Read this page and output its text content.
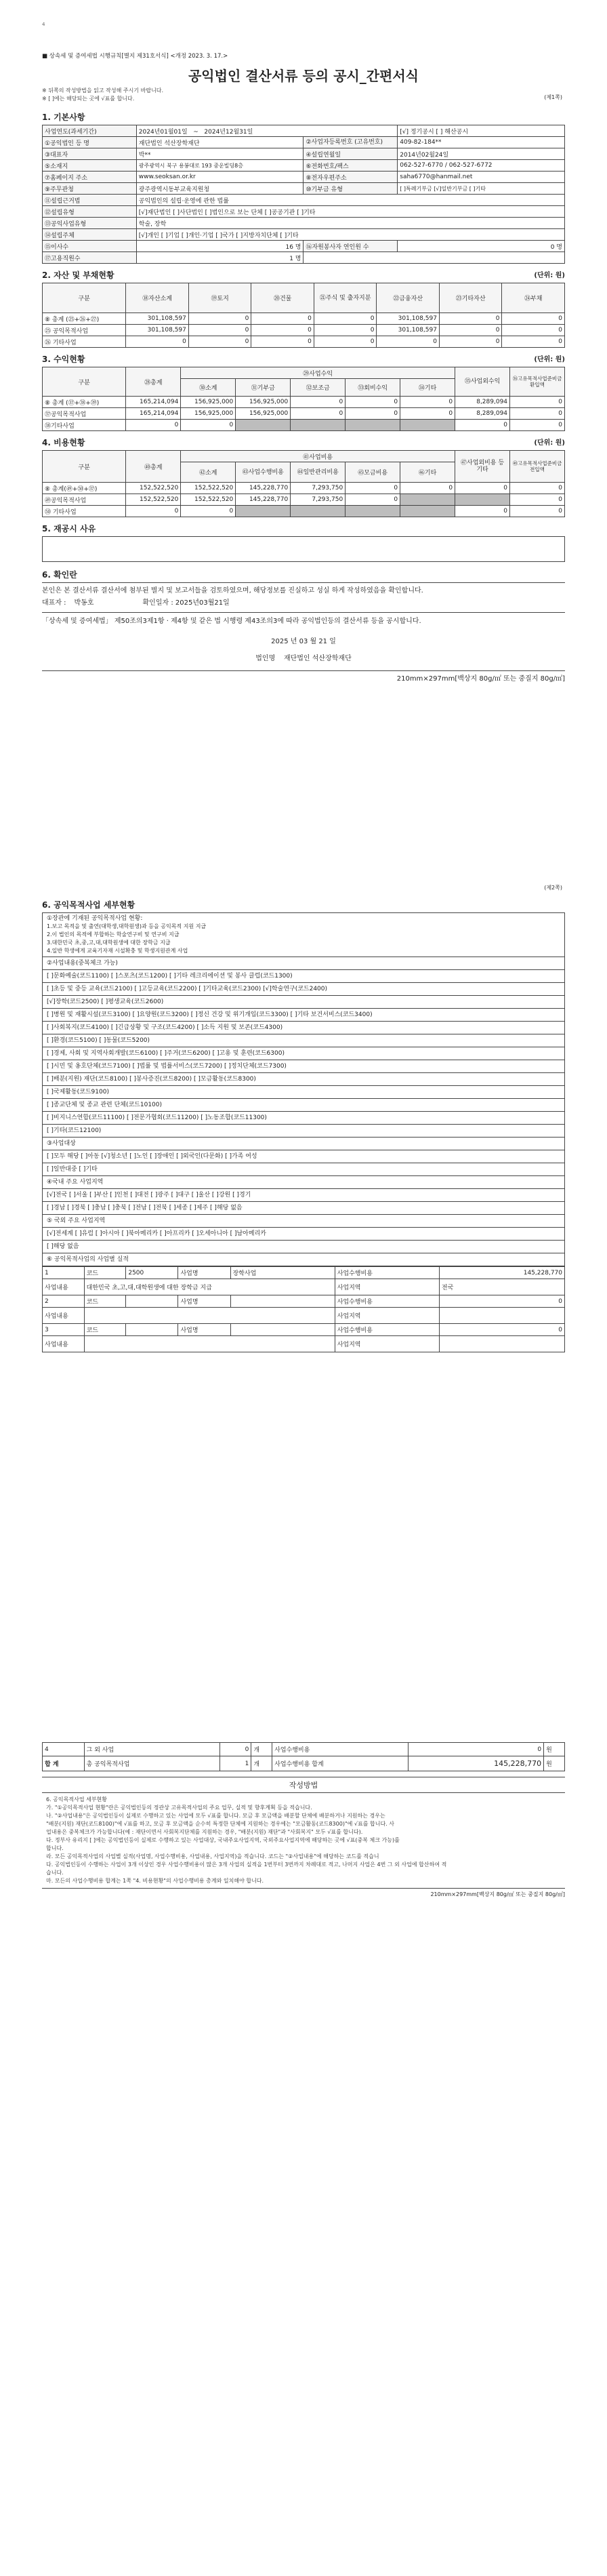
4
■ 상속세 및 증여세법 시행규칙[별지 제31호서식] <개정 2023. 3. 17.>
공익법인 결산서류 등의 공시_간편서식
(제1쪽)
※ 뒤쪽의 작성방법을 읽고 작성해 주시기 바랍니다.
※ [ ]에는 해당되는 곳에 √표를 합니다.
1. 기본사항
사업연도(과세기간)	2024년01월01일 ~ 2024년12월31일		[√] 정기공시 [ ] 해산공시
①공익법인 등 명	재단법인 석산장학재단	②사업자등록번호 (고유번호)	409-82-184**
③대표자	박**	④설립연월일	2014년02월24일
⑤소재지	광주광역시 북구 용봉대로 193 중운빌딩8층	⑥전화번호/팩스	062-527-6770 / 062-527-6772
⑦홈페이지 주소	www.seoksan.or.kr	⑧전자우편주소	saha6770@hanmail.net
⑨주무관청	광주광역시동부교육지원청	⑩기부금 유형	[ ]특례기부금 [√]일반기부금 [ ]기타
⑪설립근거법	공익법인의 설립·운영에 관한 법률		
⑫설립유형	[√]재단법인 [ ]사단법인 [ ]법인으로 보는 단체 [ ]공공기관 [ ]기타		
⑬공익사업유형	학술, 장학		
⑭설립주체	[√]개인 [ ]기업 [ ]개인·기업 [ ]국가 [ ]지방자치단체 [ ]기타		
⑮이사수	16 명	⑯자원봉사자 연인원 수	0 명
⑰고용직원수	1 명		
2. 자산 및 부채현황	(단위: 원)
구분	⑱자산소계	⑲토지	⑳건물	㉑주식 및 출자지분	㉒금융자산	㉓기타자산	㉔부채
⑧ 총계 (㉕+㉖+㉗)	301,108,597	0	0	0	301,108,597	0	0
㉕ 공익목적사업	301,108,597	0	0	0	301,108,597	0	0
㉖ 기타사업	0	0	0	0	0	0	0
3. 수익현황	(단위: 원)
구분	㉘총계	㉙사업수익					㉟사업외수익	㊱고유목적사업준비금환입액
		㉚소계	㉛기부금	㉜보조금	㉝회비수익	㉞기타		
⑧ 총계 (㊲+㊳+㊴)	165,214,094	156,925,000	156,925,000	0	0	0	8,289,094	0
㊲공익목적사업	165,214,094	156,925,000	156,925,000	0	0	0	8,289,094	0
㊳기타사업	0	0					0	0
4. 비용현황	(단위: 원)
구분	㊵총계	㊶사업비용					㊼사업외비용 등 기타	㊽고유목적사업준비금전입액
		㊷소계	㊸사업수행비용	㊹일반관리비용	㊺모금비용	㊻기타		
⑧ 총계(㊾+㊿+㊲)	152,522,520	152,522,520	145,228,770	7,293,750	0	0	0	0
㊾공익목적사업	152,522,520	152,522,520	145,228,770	7,293,750	0			0
㊿ 기타사업	0	0					0	0
5. 재공시 사유
6. 확인란
본인은 본 결산서류 결산서에 첨부된 별지 및 보고서들을 검토하였으며, 해당정보를 진실하고 성실 하게 작성하였음을 확인합니다.
대표자 : 박동호	확인일자 : 2025년03월21일
「상속세 및 증여세법」 제50조의3제1항 · 제4항 및 같은 법 시행령 제43조의3에 따라 공익법인등의 결산서류 등을 공시합니다.
2025 년 03 월 21 일
법인명 재단법인 석산장학재단
210mm×297mm[백상지 80g/㎡ 또는 중질지 80g/㎡]
(제2쪽)
6. 공익목적사업 세부현황
①장관에 기재된 공익목적사업 현황:
1.보고 목적을 및 출연(대학생,대학원생)과 등을 공익목적 지원 지급
2.이 법인의 목적에 부합하는 학술연구비 및 연구비 지급
3.대한민국 초,중,고,대,대학원생에 대한 장학금 지급
4.일반 학생에게 교육기자재 시설확충 및 학생지원관계 사업
②사업내용(중복체크 가능)
[ ]문화예술(코드1100) [ ]스포츠(코드1200) [ ]기타 레크리에이션 및 봉사 클럽(코드1300)
[ ]초등 및 중등 교육(코드2100) [ ]고등교육(코드2200) [ ]기타교육(코드2300) [√]학술연구(코드2400)
[√]장학(코드2500) [ ]평생교육(코드2600)
[ ]병원 및 재활시설(코드3100) [ ]요양원(코드3200) [ ]정신 건강 및 위기개입(코드3300) [ ]기타 보건서비스(코드3400)
[ ]사회복지(코드4100) [ ]긴급상황 및 구조(코드4200) [ ]소득 지원 및 보존(코드4300)
[ ]환경(코드5100) [ ]동물(코드5200)
[ ]경제, 사회 및 지역사회개발(코드6100) [ ]주거(코드6200) [ ]고용 및 훈련(코드6300)
[ ]시민 및 옹호단체(코드7100) [ ]법률 및 법률서비스(코드7200) [ ]정치단체(코드7300)
[ ]배분(지원) 재단(코드8100) [ ]봉사증진(코드8200) [ ]모금활동(코드8300)
[ ]국제활동(코드9100)
[ ]종교단체 및 종교 관련 단체(코드10100)
[ ]비지니스연합(코드11100) [ ]전문가협회(코드11200) [ ]노동조합(코드11300)
[ ]기타(코드12100)
③사업대상
[ ]모두 해당 [ ]아동 [√]청소년 [ ]노인 [ ]장애인 [ ]외국인(다문화) [ ]가족 여성
[ ]일반대중 [ ]기타
④국내 주요 사업지역
[√]전국 [ ]서울 [ ]부산 [ ]인천 [ ]대전 [ ]광주 [ ]대구 [ ]울산 [ ]강원 [ ]경기
[ ]경남 [ ]경북 [ ]충남 [ ]충북 [ ]전남 [ ]전북 [ ]세종 [ ]제주 [ ]해당 없음
⑤ 국외 주요 사업지역
[√]전세계 [ ]유럽 [ ]아시아 [ ]북아메리카 [ ]아프리카 [ ]오세아니아 [ ]남아메리카
[ ]해당 없음
⑥ 공익목적사업의 사업별 실적
1	코드	2500	사업명	장학사업	사업수행비용	145,228,770
사업내용	대한민국 초,고,대,대학원생에 대한 장학금 지급				사업지역	전국
2	코드		사업명		사업수행비용	0
사업내용					사업지역	
3	코드		사업명		사업수행비용	0
사업내용					사업지역	
4	그 외 사업	0	개	사업수행비용	0	원
합 계	총 공익목적사업	1	개	사업수행비용 합계	145,228,770	원
작성방법
6. 공익목적사업 세부현황
가. "①공익목적사업 현황"란은 공익법인등의 정관상 고유목적사업의 주요 업무, 실적 및 향후계획 등을 적습니다.
나. "②사업내용"은 공익법인등이 실제로 수행하고 있는 사업에 모두 √표를 합니다. 모금 후 모금액을 배분할 단체에 배분하거나 지원하는 경우는
"배분(지원) 재단(코드8100)"에 √표를 하고, 모금 후 모금액을 순수히 특정한 단체에 지원하는 경우에는 "모금활동(코드8300)"에 √표를 합니다. 사
업내용은 중복체크가 가능합니다(예 : 재단이면서 사회복지단체를 지원하는 경우, "배분(지원) 재단"과 "사회복지" 모두 √표를 합니다).
다. 정부사 유리지 [ ]에는 공익법인등이 실제로 수행하고 있는 사업대상, 국내주요사업지역, 국외주요사업지역에 해당하는 곳에 √표(중복 체크 가능)를
합니다.
라. 모든 공익목적사업의 사업별 실적(사업명, 사업수행비용, 사업내용, 사업지역)을 적습니다. 코드는 "②사업내용"에 해당하는 코드를 적습니
다. 공익법인등이 수행하는 사업이 3개 이상인 경우 사업수행비용이 많은 3개 사업의 실적을 1번부터 3번까지 차례대로 적고, 나머지 사업은 4번 그 외 사업에 합산하여 적
습니다.
마. 모든의 사업수행비용 합계는 1쪽 "4. 비용현황"의 사업수행비용 총계와 일치해야 합니다.
210mm×297mm[백상지 80g/㎡ 또는 중질지 80g/㎡]
